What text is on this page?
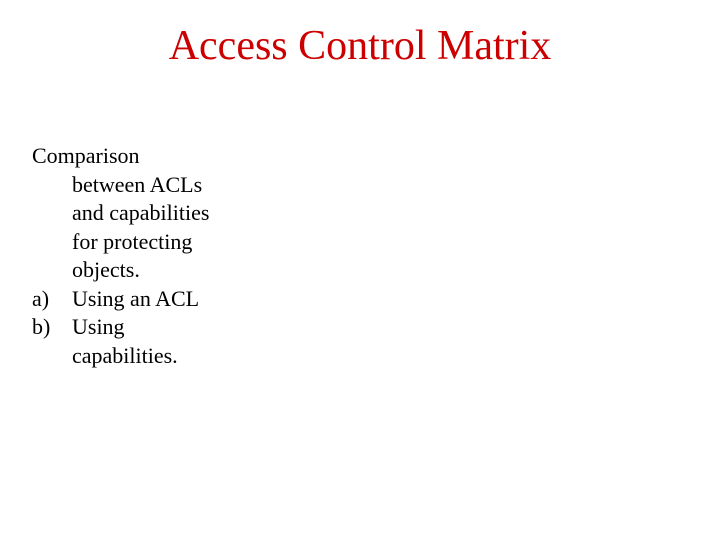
Access Control Matrix
Comparison
between ACLs
and capabilities
for protecting
objects.
a)	Using an ACL
b) Using
capabilities.
